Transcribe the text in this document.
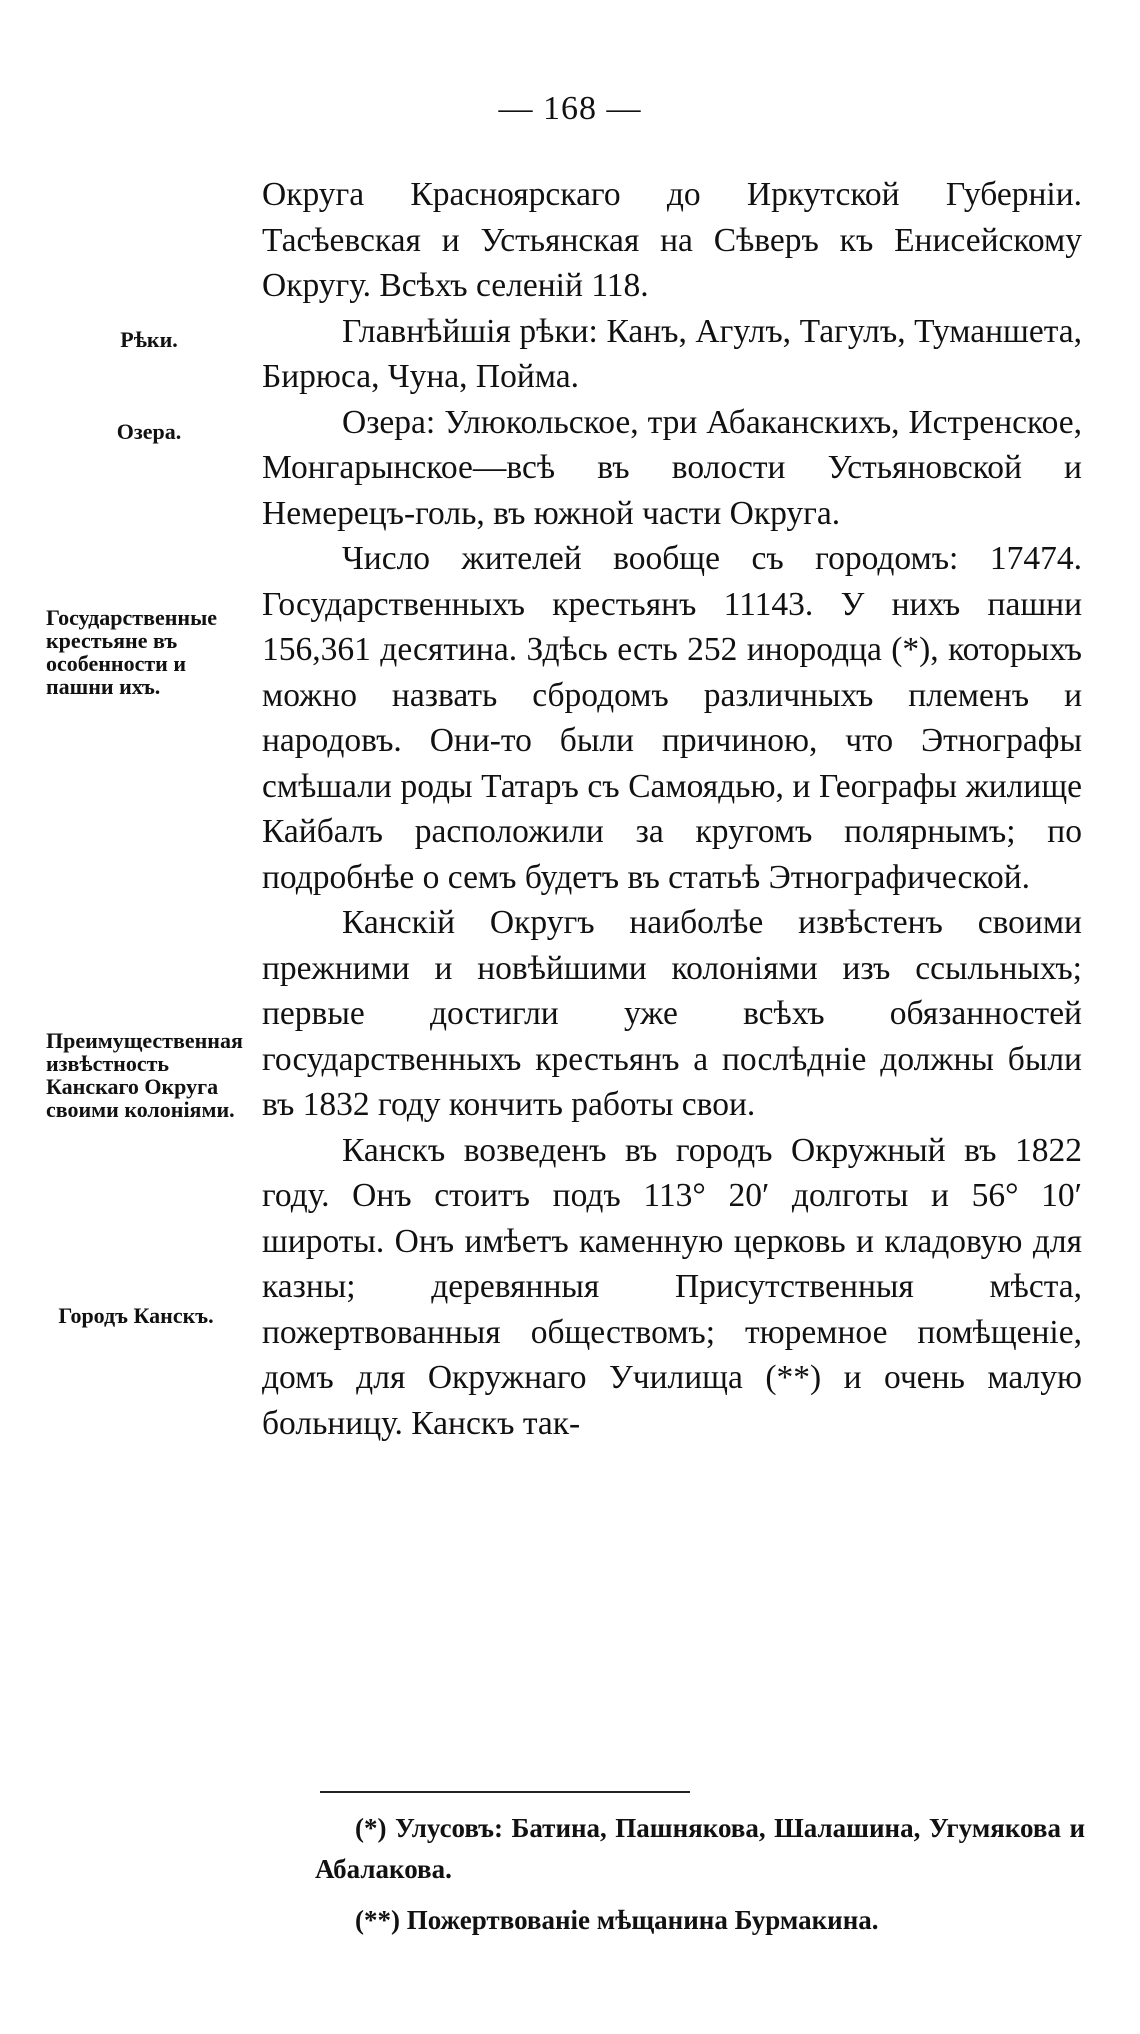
— 168 —

Округа Красноярскаго до Иркутской Губерніи. Тасѣевская и Устьянская на Сѣверъ къ Енисейскому Округу. Всѣхъ селеній 118.

Главнѣйшія рѣки: Канъ, Агулъ, Тагулъ, Туманшета, Бирюса, Чуна, Пойма.

Озера: Улюкольское, три Абаканскихъ, Истренское, Монгарынское—всѣ въ волости Устьяновской и Немерецъ-голь, въ южной части Округа.

Число жителей вообще съ городомъ: 17474. Государственныхъ крестьянъ 11143. У нихъ пашни 156,361 десятина. Здѣсь есть 252 инородца (*), которыхъ можно назвать сбродомъ различныхъ племенъ и народовъ. Они-то были причиною, что Этнографы смѣшали роды Татаръ съ Самоядью, и Географы жилище Кайбалъ расположили за кругомъ полярнымъ; по подробнѣе о семъ будетъ въ статьѣ Этнографической.

Канскій Округъ наиболѣе извѣстенъ своими прежними и новѣйшими колоніями изъ ссыльныхъ; первые достигли уже всѣхъ обязанностей государственныхъ крестьянъ а послѣдніе должны были въ 1832 году кончить работы свои.

Канскъ возведенъ въ городъ Окружный въ 1822 году. Онъ стоитъ подъ 113° 20′ долготы и 56° 10′ широты. Онъ имѣетъ каменную церковь и кладовую для казны; деревянныя Присутственныя мѣста, пожертвованныя обществомъ; тюремное помѣщеніе, домъ для Окружнаго Училища (**) и очень малую больницу. Канскъ так-

Рѣки.
Озера.
Государственные крестьяне въ особенности и пашни ихъ.
Преимущественная извѣстность Канскаго Округа своими колоніями.
Городъ Канскъ.

(*) Улусовъ: Батина, Пашнякова, Шалашина, Угумякова и Абалакова.

(**) Пожертвованіе мѣщанина Бурмакина.
